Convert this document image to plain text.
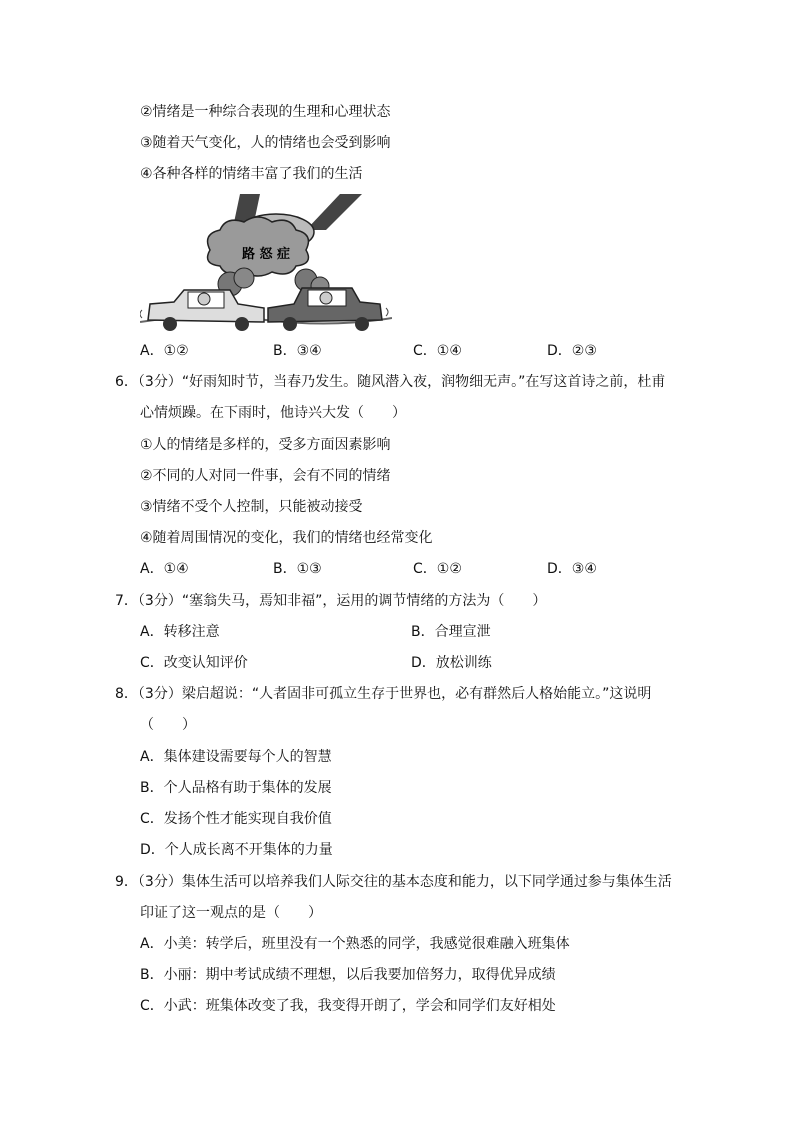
②情绪是一种综合表现的生理和心理状态
③随着天气变化，人的情绪也会受到影响
④各种各样的情绪丰富了我们的生活
路 怒 症
A．①②	B．③④	C．①④	D．②③
6．（3分）“好雨知时节，当春乃发生。随风潜入夜，润物细无声。”在写这首诗之前，杜甫
心情烦躁。在下雨时，他诗兴大发（　　）
①人的情绪是多样的，受多方面因素影响
②不同的人对同一件事，会有不同的情绪
③情绪不受个人控制，只能被动接受
④随着周围情况的变化，我们的情绪也经常变化
A．①④	B．①③	C．①②	D．③④
7．（3分）“塞翁失马，焉知非福”，运用的调节情绪的方法为（　　）
A．转移注意	B．合理宣泄
C．改变认知评价	D．放松训练
8．（3分）梁启超说：“人者固非可孤立生存于世界也，必有群然后人格始能立。”这说明
（　　）
A．集体建设需要每个人的智慧
B．个人品格有助于集体的发展
C．发扬个性才能实现自我价值
D．个人成长离不开集体的力量
9．（3分）集体生活可以培养我们人际交往的基本态度和能力，以下同学通过参与集体生活
印证了这一观点的是（　　）
A．小美：转学后，班里没有一个熟悉的同学，我感觉很难融入班集体
B．小丽：期中考试成绩不理想，以后我要加倍努力，取得优异成绩
C．小武：班集体改变了我，我变得开朗了，学会和同学们友好相处
